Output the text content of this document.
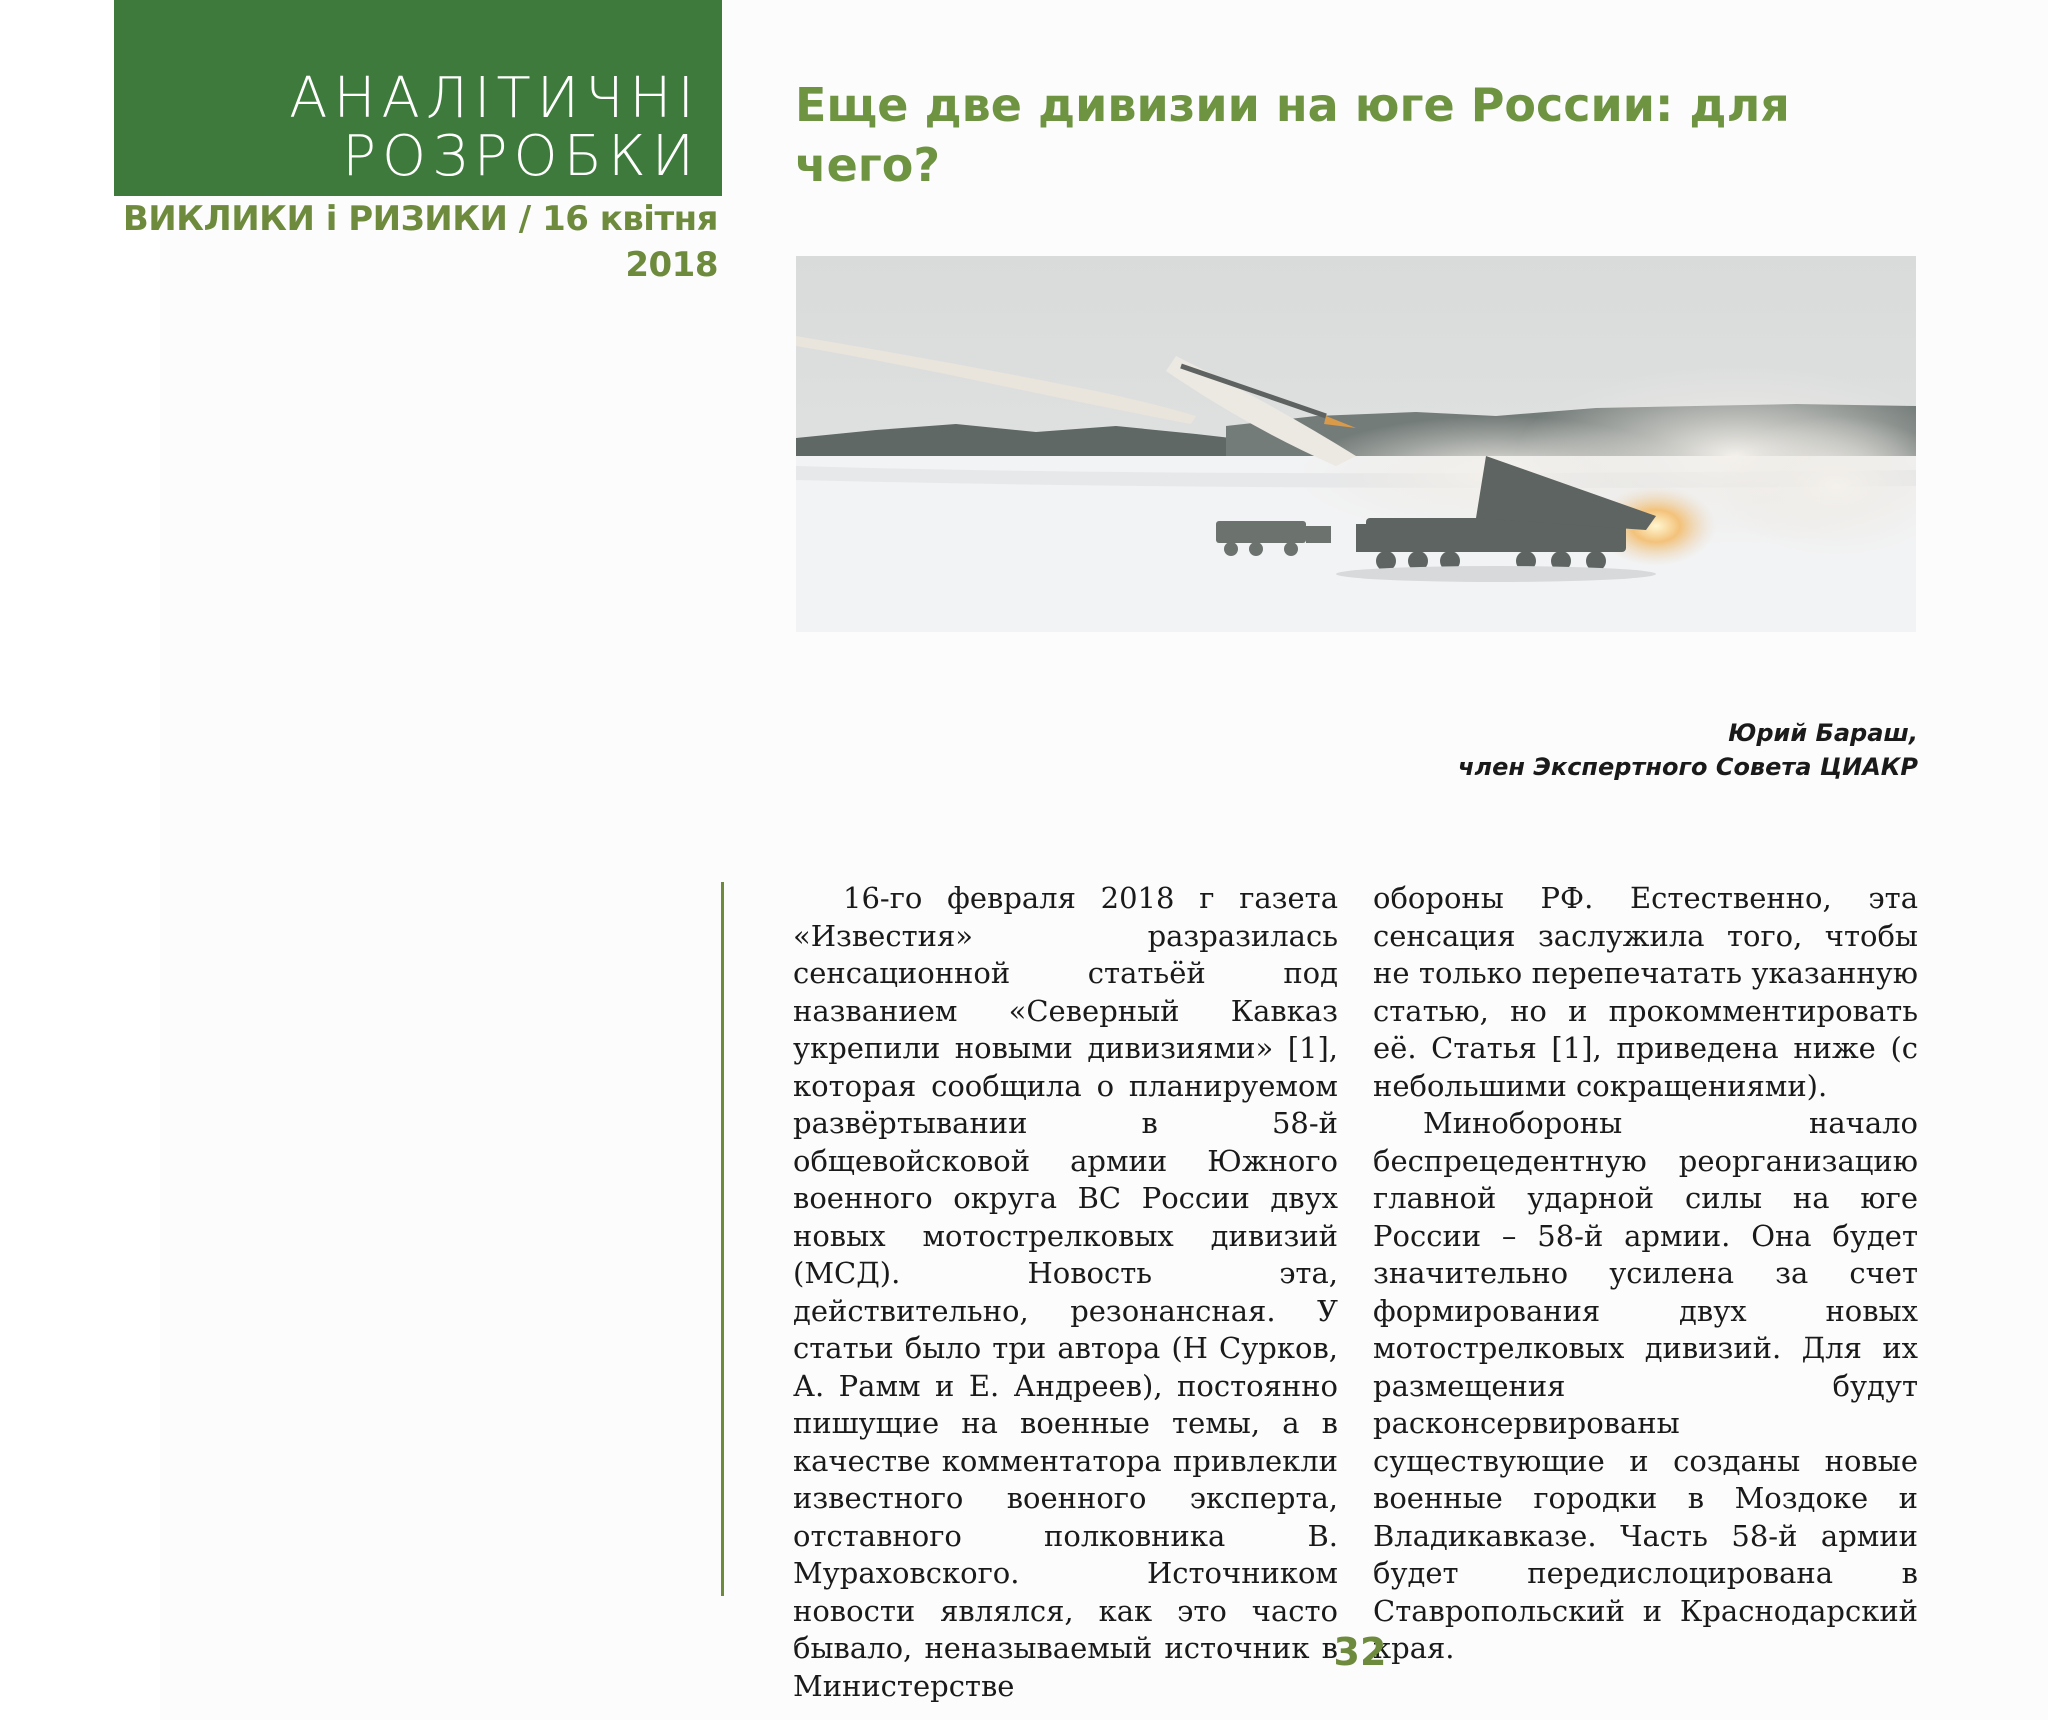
АНАЛІТИЧНІ
РОЗРОБКИ
ВИКЛИКИ і РИЗИКИ / 16 квітня 2018
Еще две дивизии на юге России: для чего?
Юрий Бараш,
член Экспертного Совета ЦИАКР

16-го февраля 2018 г газета «Известия» разразилась сенсационной статьёй под названием «Северный Кавказ укрепили новыми дивизиями» [1], которая сообщила о планируемом развёртывании в 58-й общевойсковой армии Южного военного округа ВС России двух новых мотострелковых дивизий (МСД). Новость эта, действительно, резонансная. У статьи было три автора (Н Сурков, А. Рамм и Е. Андреев), постоянно пишущие на военные темы, а в качестве комментатора привлекли известного военного эксперта, отставного полковника В. Мураховского. Источником новости являлся, как это часто бывало, неназываемый источник в Министерстве

обороны РФ. Естественно, эта сенсация заслужила того, чтобы не только перепечатать указанную статью, но и прокомментировать её. Статья [1], приведена ниже (с небольшими сокращениями).

Минобороны начало беспрецедентную реорганизацию главной ударной силы на юге России – 58-й армии. Она будет значительно усилена за счет формирования двух новых мотострелковых дивизий. Для их размещения будут расконсервированы существующие и созданы новые военные городки в Моздоке и Владикавказе. Часть 58-й армии будет передислоцирована в Ставропольский и Краснодарский края.

32
